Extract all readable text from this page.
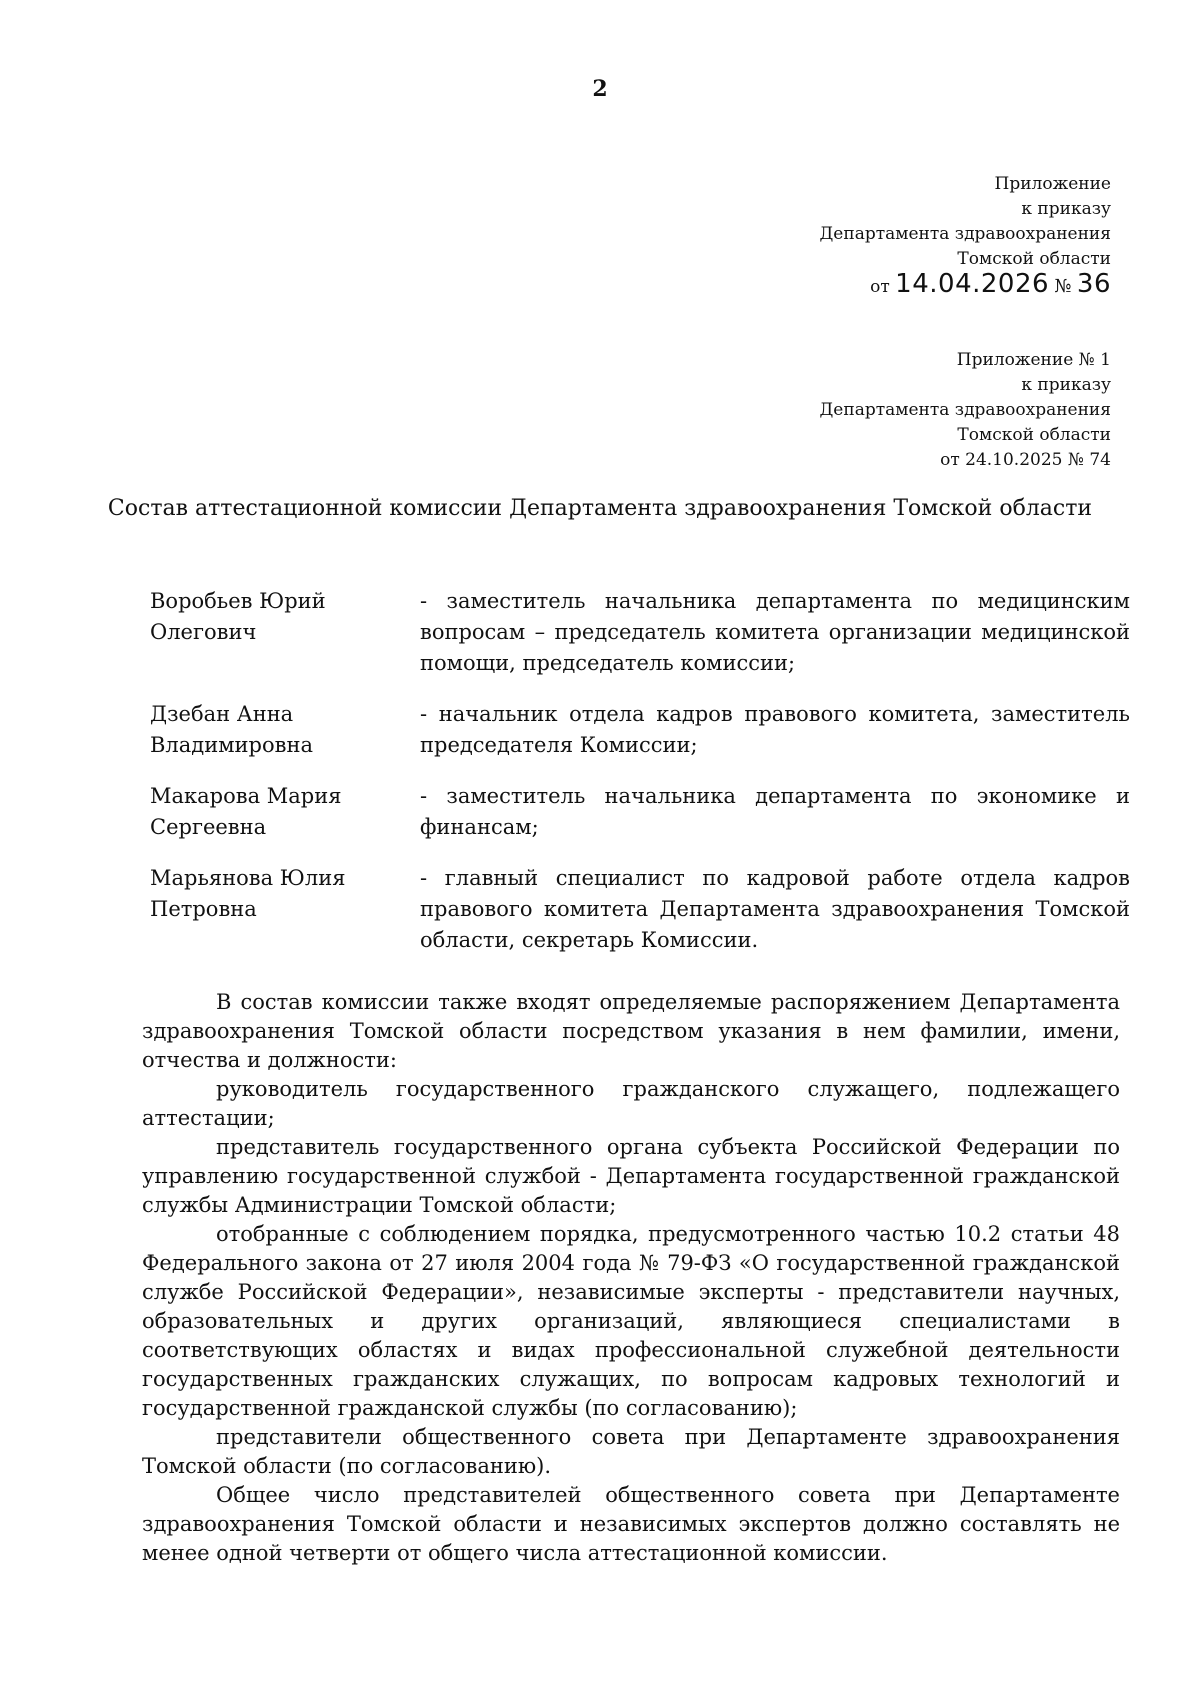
2
Приложение
к приказу
Департамента здравоохранения
Томской области
от 14.04.2026 № 36
Приложение № 1
к приказу
Департамента здравоохранения
Томской области
от 24.10.2025 № 74
Состав аттестационной комиссии Департамента здравоохранения Томской области
Воробьев Юрий Олегович
- заместитель начальника департамента по медицинским вопросам – председатель комитета организации медицинской помощи, председатель комиссии;
Дзебан Анна Владимировна
- начальник отдела кадров правового комитета, заместитель председателя Комиссии;
Макарова Мария Сергеевна
- заместитель начальника департамента по экономике и финансам;
Марьянова Юлия Петровна
- главный специалист по кадровой работе отдела кадров правового комитета Департамента здравоохранения Томской области, секретарь Комиссии.

В состав комиссии также входят определяемые распоряжением Департамента здравоохранения Томской области посредством указания в нем фамилии, имени, отчества и должности:

руководитель государственного гражданского служащего, подлежащего аттестации;

представитель государственного органа субъекта Российской Федерации по управлению государственной службой - Департамента государственной гражданской службы Администрации Томской области;

отобранные с соблюдением порядка, предусмотренного частью 10.2 статьи 48 Федерального закона от 27 июля 2004 года № 79-ФЗ «О государственной гражданской службе Российской Федерации», независимые эксперты - представители научных, образовательных и других организаций, являющиеся специалистами в соответствующих областях и видах профессиональной служебной деятельности государственных гражданских служащих, по вопросам кадровых технологий и государственной гражданской службы (по согласованию);

представители общественного совета при Департаменте здравоохранения Томской области (по согласованию).

Общее число представителей общественного совета при Департаменте здравоохранения Томской области и независимых экспертов должно составлять не менее одной четверти от общего числа аттестационной комиссии.
